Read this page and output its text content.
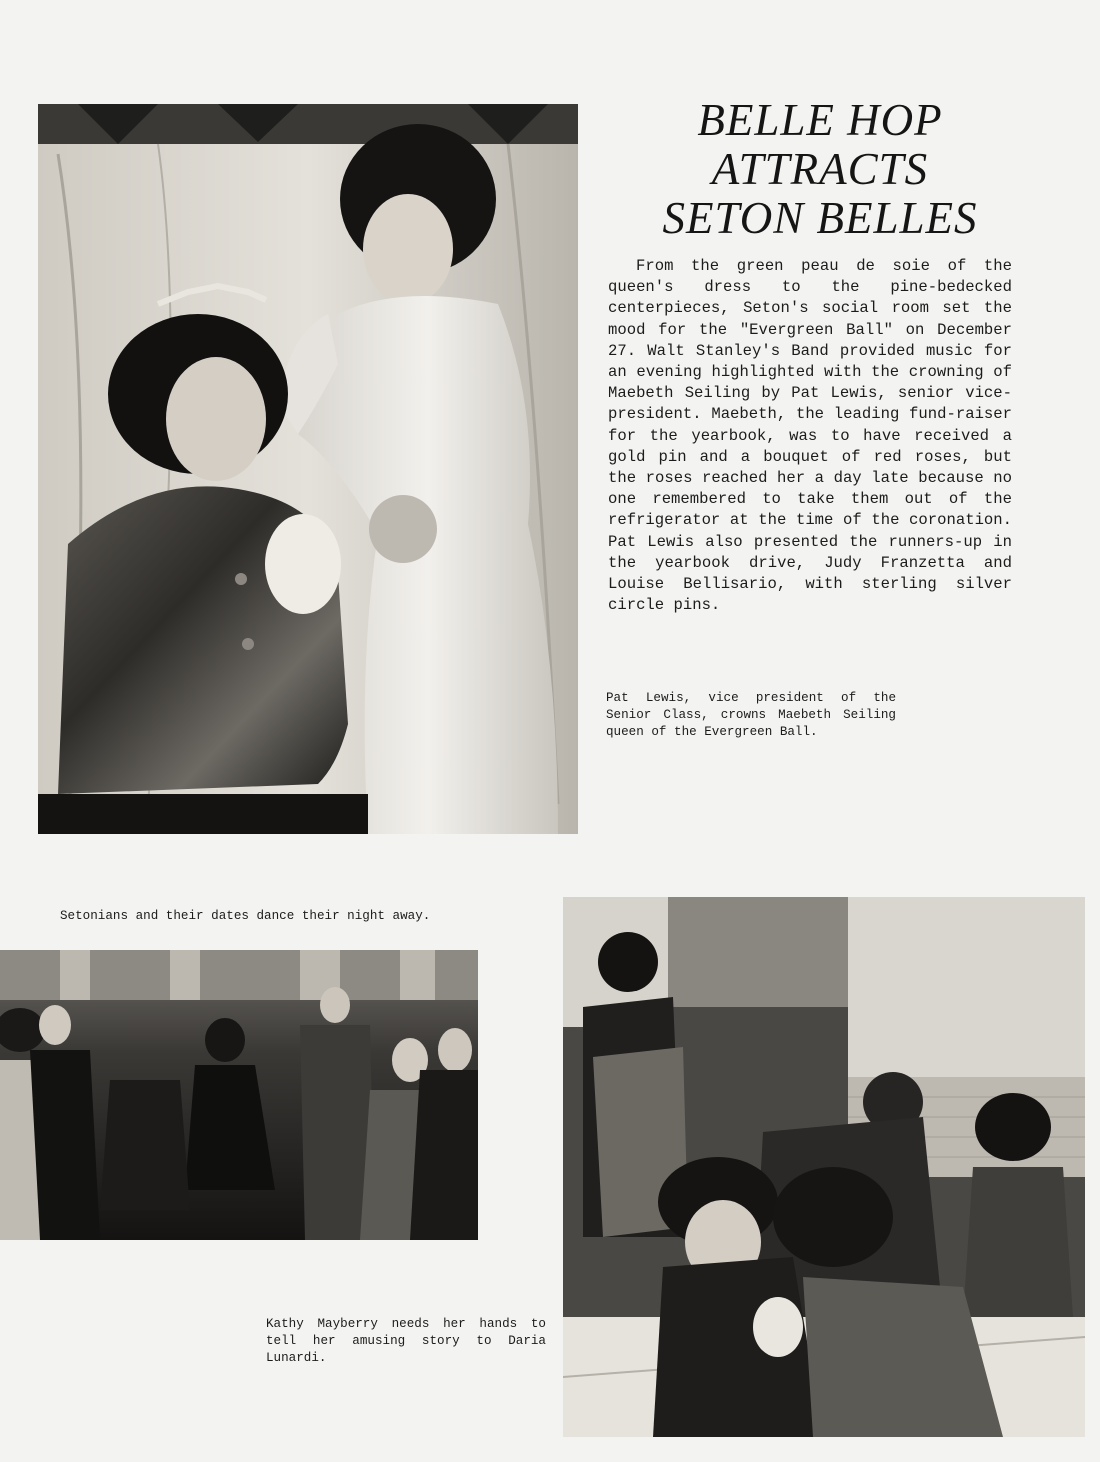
BELLE HOP
ATTRACTS
SETON BELLES

From the green peau de soie of the queen's dress to the pine-bedecked centerpieces, Seton's social room set the mood for the "Evergreen Ball" on December 27. Walt Stanley's Band provided music for an evening highlighted with the crowning of Maebeth Seiling by Pat Lewis, senior vice-president. Maebeth, the leading fund-raiser for the yearbook, was to have received a gold pin and a bouquet of red roses, but the roses reached her a day late because no one remembered to take them out of the refrigerator at the time of the coronation. Pat Lewis also presented the runners-up in the yearbook drive, Judy Franzetta and Louise Bellisario, with sterling silver circle pins.

Pat Lewis, vice president of the Senior Class, crowns Maebeth Seiling queen of the Evergreen Ball.

Setonians and their dates dance their night away.

Kathy Mayberry needs her hands to tell her amusing story to Daria Lunardi.
